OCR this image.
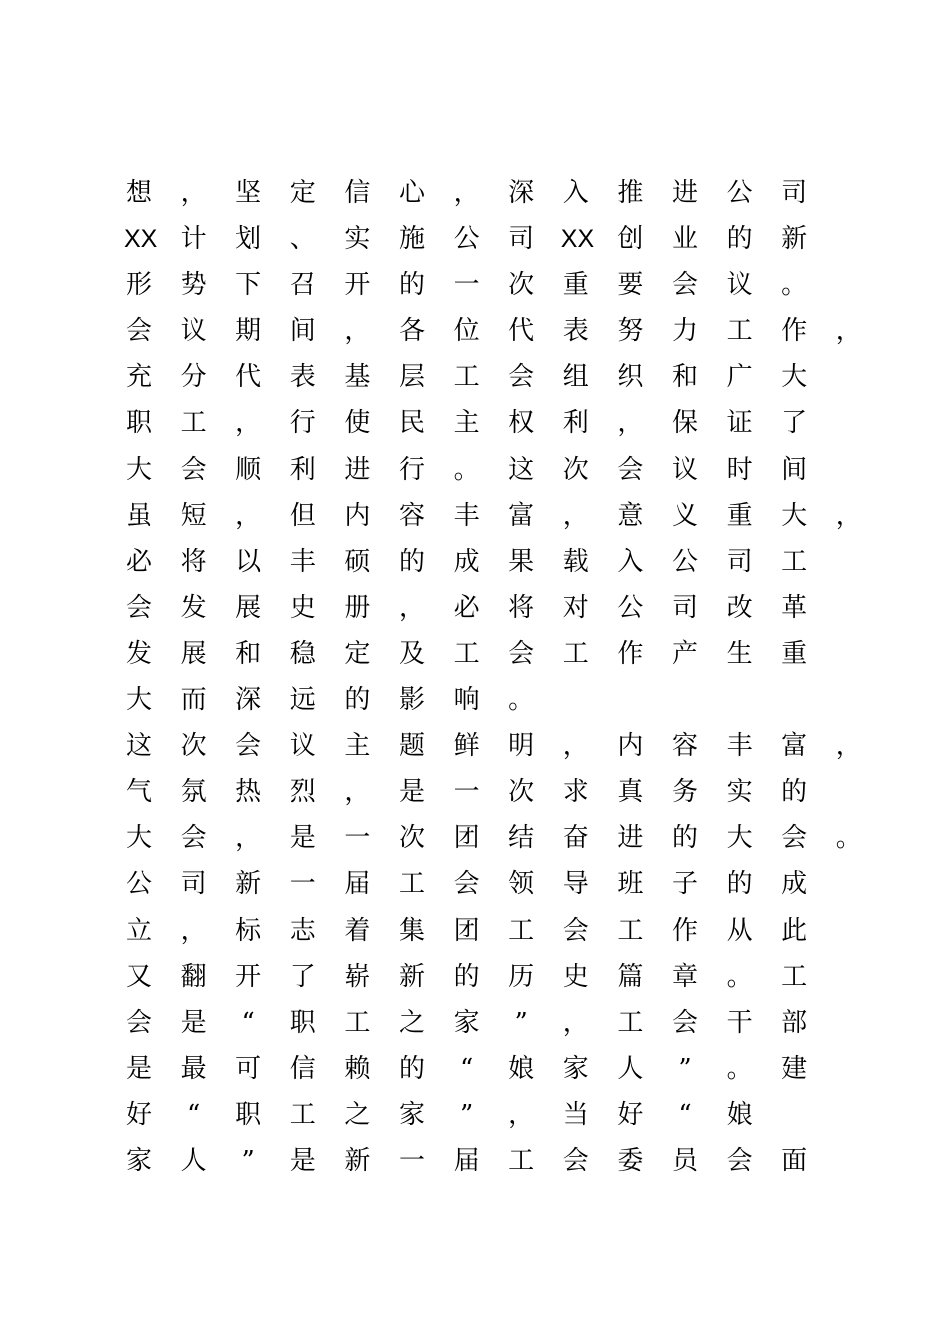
想 ， 坚 定 信 心 ， 深 入 推 进 公 司
XX 计 划 、 实 施 公 司 XX 创 业 的 新
形 势 下 召 开 的 一 次 重 要 会 议 。
会 议 期 间 ， 各 位 代 表 努 力 工 作 ，
充 分 代 表 基 层 工 会 组 织 和 广 大
职 工 ， 行 使 民 主 权 利 ， 保 证 了
大 会 顺 利 进 行 。 这 次 会 议 时 间
虽 短 ， 但 内 容 丰 富 ， 意 义 重 大 ，
必 将 以 丰 硕 的 成 果 载 入 公 司 工
会 发 展 史 册 ， 必 将 对 公 司 改 革
发 展 和 稳 定 及 工 会 工 作 产 生 重
大 而 深 远 的 影 响 。
这 次 会 议 主 题 鲜 明 ， 内 容 丰 富 ，
气 氛 热 烈 ， 是 一 次 求 真 务 实 的
大 会 ， 是 一 次 团 结 奋 进 的 大 会 。
公 司 新 一 届 工 会 领 导 班 子 的 成
立 ， 标 志 着 集 团 工 会 工 作 从 此
又 翻 开 了 崭 新 的 历 史 篇 章 。 工
会 是	“	职 工 之 家	”	， 工 会 干 部
是 最 可 信 赖 的	“	娘 家 人	”	。 建
好	“	职 工 之 家	”	， 当 好	“	娘
家 人	”	是 新 一 届 工 会 委 员 会 面
